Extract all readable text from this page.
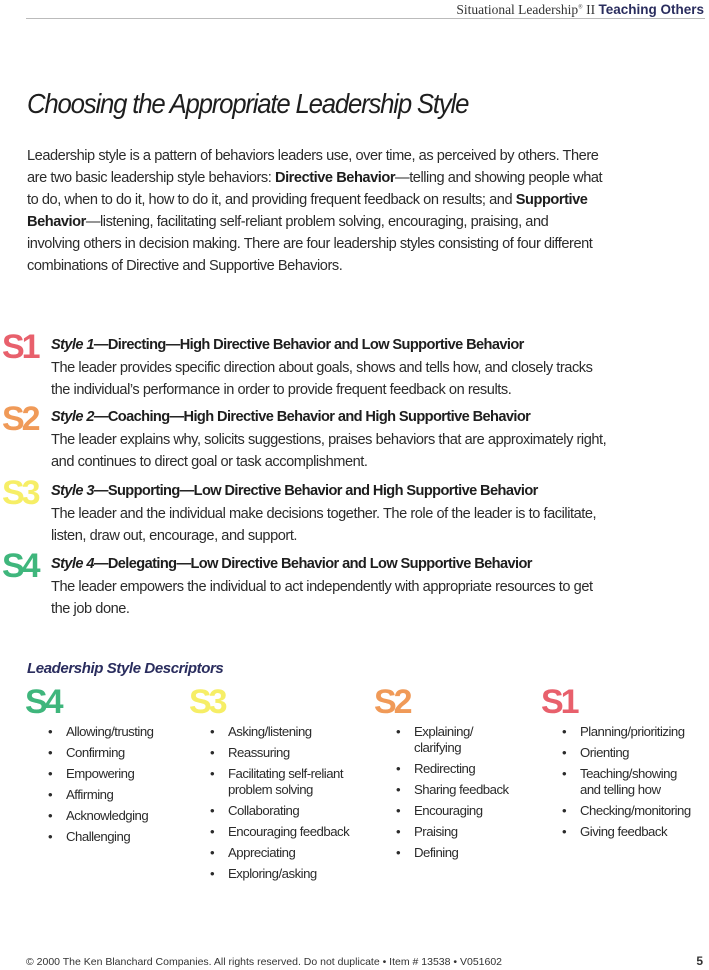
Situational Leadership® II Teaching Others
Choosing the Appropriate Leadership Style
Leadership style is a pattern of behaviors leaders use, over time, as perceived by others. There
are two basic leadership style behaviors: Directive Behavior—telling and showing people what
to do, when to do it, how to do it, and providing frequent feedback on results; and Supportive
Behavior—listening, facilitating self-reliant problem solving, encouraging, praising, and
involving others in decision making. There are four leadership styles consisting of four different
combinations of Directive and Supportive Behaviors.
S1 Style 1—Directing—High Directive Behavior and Low Supportive Behavior
The leader provides specific direction about goals, shows and tells how, and closely tracks
the individual’s performance in order to provide frequent feedback on results.
S2 Style 2—Coaching—High Directive Behavior and High Supportive Behavior
The leader explains why, solicits suggestions, praises behaviors that are approximately right,
and continues to direct goal or task accomplishment.
S3 Style 3—Supporting—Low Directive Behavior and High Supportive Behavior
The leader and the individual make decisions together. The role of the leader is to facilitate,
listen, draw out, encourage, and support.
S4 Style 4—Delegating—Low Directive Behavior and Low Supportive Behavior
The leader empowers the individual to act independently with appropriate resources to get
the job done.
Leadership Style Descriptors
S4
• Allowing/trusting
• Confirming
• Empowering
• Affirming
• Acknowledging
• Challenging
S3
• Asking/listening
• Reassuring
• Facilitating self-reliant
problem solving
• Collaborating
• Encouraging feedback
• Appreciating
• Exploring/asking
S2
• Explaining/
clarifying
• Redirecting
• Sharing feedback
• Encouraging
• Praising
• Defining
S1
• Planning/prioritizing
• Orienting
• Teaching/showing
and telling how
• Checking/monitoring
• Giving feedback
© 2000 The Ken Blanchard Companies. All rights reserved. Do not duplicate • Item # 13538 • V051602	5
